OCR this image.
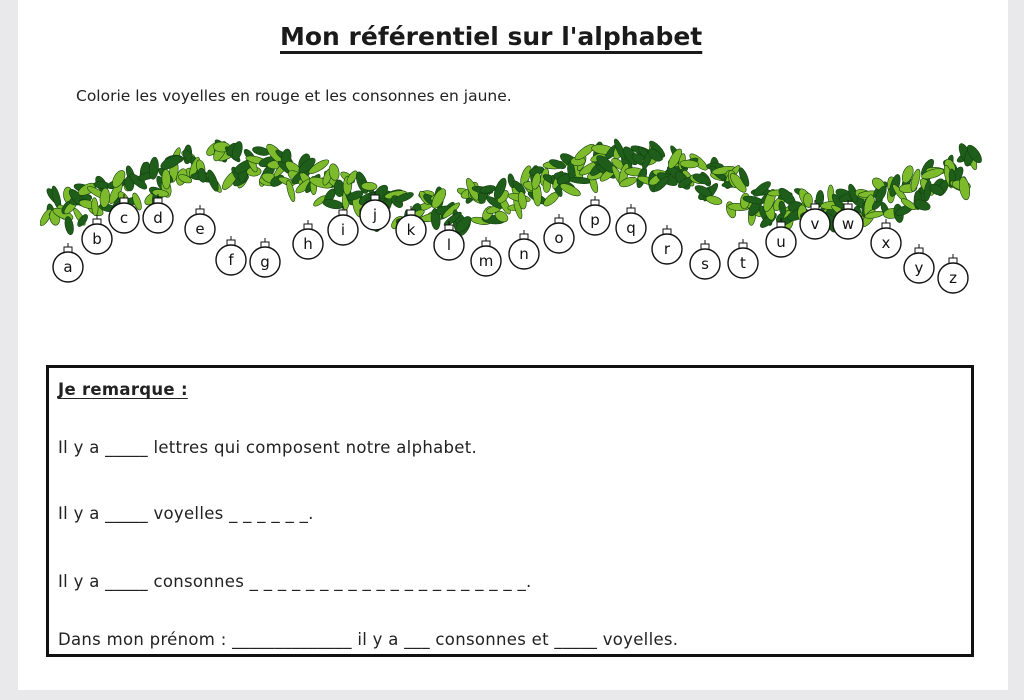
Mon référentiel sur l'alphabet
Colorie les voyelles en rouge et les consonnes en jaune.
a
b
c d
e
f g
h
i
j
k
l
m n
o
p q
r
s t
u
v w
x
y
z
Je remarque :
Il y a _____ lettres qui composent notre alphabet.
Il y a _____ voyelles _ _ _ _ _ _.
Il y a _____ consonnes _ _ _ _ _ _ _ _ _ _ _ _ _ _ _ _ _ _ _ _.
Dans mon prénom : ______________ il y a ___ consonnes et _____ voyelles.
